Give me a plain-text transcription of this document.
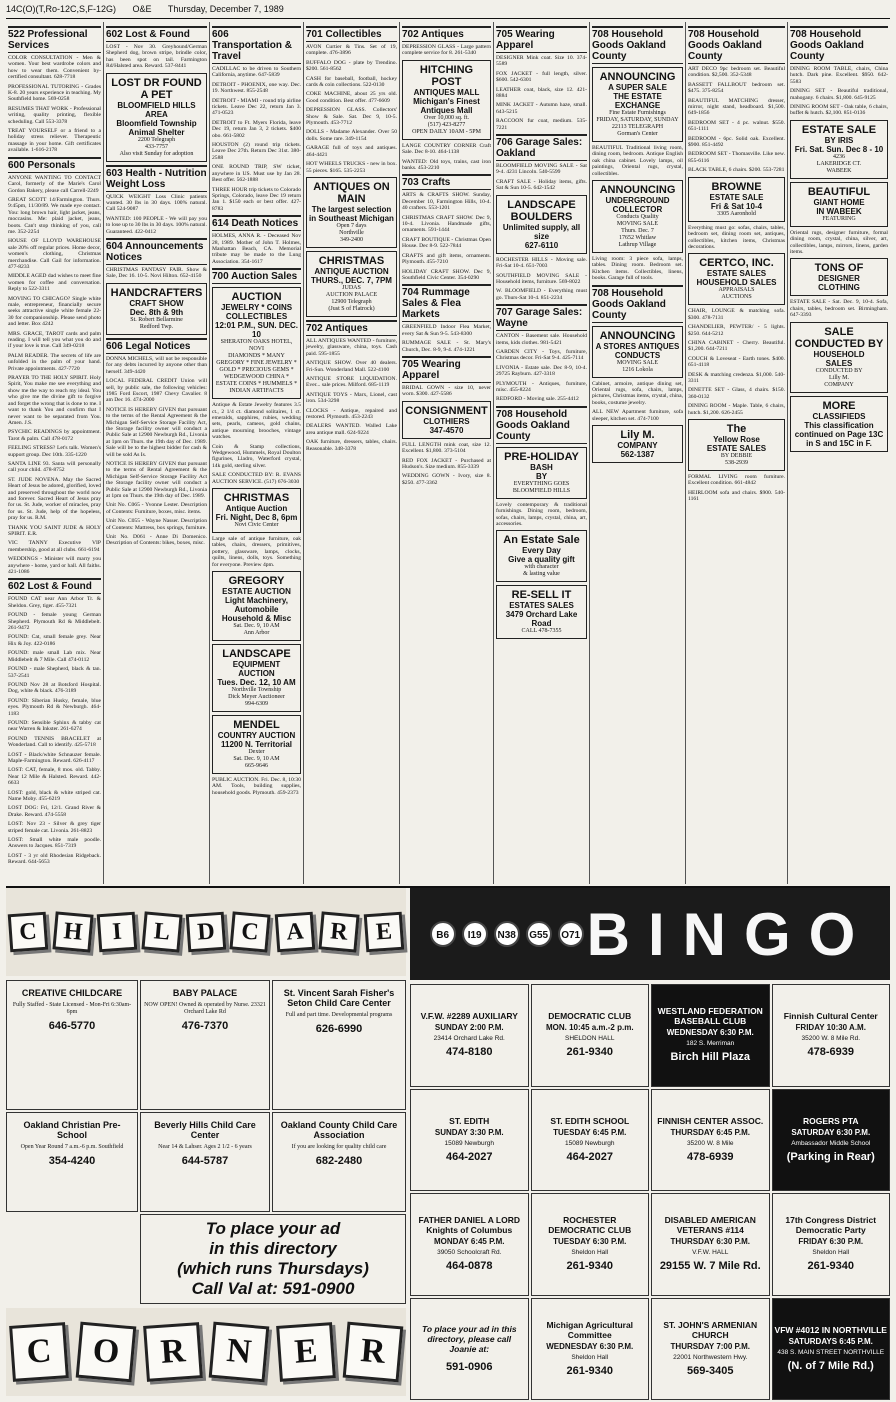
14C(O)(T,Ro-12C,S,F-12G) O&E Thursday, December 7, 1989
522 Professional Services
COLOR CONSULTATION - Men & women. Your best wardrobe colors and how to wear them. Convenient by-certified consultant. 628-7718
PROFESSIONAL TUTORING - Grades K-8. 20 years experience in teaching. My Southfield home. 569-0258
RESUMES THAT WORK - Professional writing, quality printing, flexible scheduling. Call 553-3378
TREAT YOURSELF or a friend to a holiday stress reliever. Therapeutic massage in your home. Gift certificates available. 1-616-2178
600 Personals
ANYONE WANTING TO CONTACT Carol, formerly of the Marie's Carol Gordon Bakery, please call Carrell-2249
GREAT SCOTT 14/Farmington. Thurs. 9:45pm, 11/30/89. We made eye contact. You: long brown hair, light jacket, jeans, moccasins. Me: plaid jacket, jeans, boots. Can't stop thinking of you, call me. 352-2254
HOUSE OF LLOYD WAREHOUSE sale 20% off regular prices. Home decor, women's clothing, Christmas merchandise. Call Gail for information. 477-8233
MIDDLE AGED dad wishes to meet fine women for coffee and conversation. Reply to 522-3311
MOVING TO CHICAGO? Single white male, entrepreneur, financially secure seeks attractive single white female 22-30 for companionship. Please send photo and letter. Box 4242
MRS. GRACE, TAROT cards and palm reading. I will tell you what you do and if your love is true. Call 349-0218
PALM READER. The secrets of life are unfolded in the palm of your hand. Private appointments. 427-7720
PRAYER TO THE HOLY SPIRIT. Holy Spirit, You make me see everything and show me the way to reach my ideal. You who give me the divine gift to forgive and forget the wrong that is done to me. I want to thank You and confirm that I never want to be separated from You. Amen. J.S.
PSYCHIC READINGS by appointment. Tarot & palm. Call 478-0172
FEELING STRESS? Let's talk. Women's support group. Dec 10th. 335-1220
SANTA LINE 93. Santa will personally call your child. 478-8752
ST. JUDE NOVENA. May the Sacred Heart of Jesus be adored, glorified, loved and preserved throughout the world now and forever. Sacred Heart of Jesus pray for us. St. Jude, worker of miracles, pray for us. St. Jude, help of the hopeless, pray for us. R.M.
THANK YOU SAINT JUDE & HOLY SPIRIT. E.R.
VIC TANNY Executive VIP membership, good at all clubs. 661-6194
WEDDINGS - Minister will marry you anywhere - home, yard or hall. All faiths. 421-1086
602 Lost & Found
FOUND CAT near Ann Arbor Tr. & Sheldon. Grey, tiger. 455-7321
FOUND - female young German Shepherd. Plymouth Rd & Middlebelt. 261-9472
FOUND: Cat, small female grey. Near Hix & Joy. 422-0186
FOUND: male small Lab mix. Near Middlebelt & 7 Mile. Call 474-0112
FOUND - male Shepherd, black & tan. 537-2541
FOUND Nov 28 at Botsford Hospital. Dog, white & black. 476-3189
FOUND: Siberian Husky, female, blue eyes. Plymouth Rd & Newburgh. 464-1183
FOUND: Sensible Sphinx & tabby cat near Warren & Inkster. 261-6274
FOUND TENNIS BRACELET at Wonderland. Call to identify. 425-5718
LOST - Black/white Schnauzer female. Maple-Farmington. Reward. 626-4117
LOST: CAT, female, 8 mos. old. Tabby. Near 12 Mile & Halsted. Reward. 442-6633
LOST: gold, black & white striped cat. Name Moby. 455-6219
LOST DOG: Fri, 12/1. Grand River & Drake. Reward. 474-5558
LOST: Nov 23 - Silver & grey tiger striped female cat. Livonia. 261-8823
LOST: Small white male poodle. Answers to Jacques. 851-7319
LOST - 3 yr old Rhodesian Ridgeback. Reward. 644-5653
602 Lost & Found
LOST - Nov 30. Greyhound/German Shepherd dog, brown stripe, brindle color, has been spot on tail. Farmington Rd/Halsted area. Reward. 537-8441
LOST DR FOUND A PET
BLOOMFIELD HILLS AREA
Bloomfield Township Animal Shelter
2200 Telegraph
433-7757
Also visit Sunday for adoption
603 Health - Nutrition Weight Loss
QUICK WEIGHT Loss Clinic patients wanted. 30 lbs in 30 days. 100% natural. Call 524-9087
WANTED: 100 PEOPLE - We will pay you to lose up to 30 lbs in 30 days. 100% natural. Guaranteed. 422-0412
604 Announcements Notices
CHRISTMAS FANTASY FAIR. Show & Sale, Dec 16. 10-5. Novi Hilton. 652-4150
HANDCRAFTERS
CRAFT SHOW
Dec. 8th & 9th
St. Robert Bellarmine
Redford Twp.
606 Legal Notices
DONNA MICHELS, will not be responsible for any debts incurred by anyone other than herself. 349-4420
LOCAL FEDERAL CREDIT Union will sell, by public sale, the following vehicles: 1985 Ford Escort, 1987 Chevy Cavalier. 8 am Dec 16. 474-2000
NOTICE IS HEREBY GIVEN that pursuant to the terms of the Rental Agreement & the Michigan Self-Service Storage Facility Act, the Storage facility owner will conduct a Public Sale at 12900 Newburgh Rd., Livonia at 1pm on Thurs. the 19th day of Dec. 1989. Sale will be to the highest bidder for cash & will be sold As Is.
NOTICE IS HEREBY GIVEN that pursuant to the terms of Rental Agreement & the Michigan Self-Service Storage Facility Act the Storage facility owner will conduct a Public Sale at 12900 Newburgh Rd., Livonia at 1pm on Thurs. the 19th day of Dec. 1989.
Unit No. C065 - Yvonne Lester. Description of Contents: Furniture, boxes, misc. items.
Unit No. C055 - Wayne Nasser. Description of Contents: Mattress, box springs, furniture.
Unit No. D061 - Anne Di Domenico. Description of Contents: bikes, boxes, misc.
606 Transportation & Travel
CADILLAC to be driven to Southern California, anytime. 647-5839
DETROIT - PHOENIX, one way. Dec. 19. Northwest. 855-2548
DETROIT - MIAMI - round trip airline tickets. Leave Dec 22, return Jan 3. 471-0523
DETROIT to Ft. Myers Florida, leave Dec 19, return Jan 3, 2 tickets. $400 obo. 661-5802
HOUSTON (2) round trip tickets. Leave Dec 27th. Return Dec 31st. 380-2588
ONE ROUND TRIP, SW ticket, anywhere in US. Must use by Jan 28. Best offer. 562-1888
THREE HOUR trip tickets to Colorado Springs, Colorado, leave Dec 19 return Jan 1. $150 each or best offer. 427-8783
614 Death Notices
HOLMES, ANNA R. - Deceased Nov 28, 1989. Mother of John T. Holmes, Manhattan Beach, CA. Memorial tribute may be made to the Lung Association. 354-1617
700 Auction Sales
AUCTION
JEWELRY * COINS COLLECTIBLES
12:01 P.M., SUN. DEC. 10
SHERATON OAKS HOTEL, NOVI
DIAMONDS * MANY GREGORY * FINE JEWELRY * GOLD * PRECIOUS GEMS * WEDGEWOOD CHINA * ESTATE COINS * HUMMELS * INDIAN ARTIFACTS
Antique & Estate Jewelry features 3.5 ct., 2 1/4 ct. diamond solitaires, 1 ct. emeralds, sapphires, rubies, wedding sets, pearls, cameos, gold chains, antique mourning brooches, vintage watches.
Coin & Stamp collections, Wedgewood, Hummels, Royal Doulton figurines, Lladro, Waterford crystal, 14k gold, sterling silver.
SALE CONDUCTED BY: R. EVANS AUCTION SERVICE. (517) 676-3030
CHRISTMAS
Antique Auction
Fri. Night, Dec 8, 6pm
Novi Civic Center
Large sale of antique furniture, oak tables, chairs, dressers, primitives, pottery, glassware, lamps, clocks, quilts, linens, dolls, toys. Something for everyone. Preview 4pm.
GREGORY
ESTATE AUCTION
Light Machinery, Automobile Household & Misc
Sat. Dec. 9, 10 AM
Ann Arbor
LANDSCAPE
EQUIPMENT AUCTION
Tues. Dec. 12, 10 AM
Northville Township
Dick Meyer Auctioneer
994-6309
MENDEL
COUNTRY AUCTION
11200 N. Territorial
Dexter
Sat. Dec. 9, 10 AM
665-9646
PUBLIC AUCTION. Fri. Dec. 8, 10:30 AM. Tools, building supplies, household goods. Plymouth. 459-2373
701 Collectibles
AVON Curtier & Tins. Set of 19, complete. 476-3896
BUFFALO DOG - plate by Trendino. $200. 561-8562
CASH for baseball, football, hockey cards & coin collections. 522-0130
COKE MACHINE, about 25 yrs old. Good condition. Best offer. 477-6609
DEPRESSION GLASS. Collectors' Show & Sale. Sat. Dec 9, 10-5. Plymouth. 453-7712
DOLLS - Madame Alexander. Over 50 dolls. Some rare. 349-1154
GARAGE full of toys and antiques. 464-4421
HOT WHEELS TRUCKS - new in box. 55 pieces. $165. 535-2253
ANTIQUES ON MAIN
The largest selection
in Southeast Michigan
Open 7 days
Northville
349-2400
CHRISTMAS
ANTIQUE AUCTION
THURS., DEC. 7, 7PM
JUDAS
AUCTION PALACE
12900 Telegraph
(Just S of Flatrock)
702 Antiques
ALL ANTIQUES WANTED - furniture, jewelry, glassware, china, toys. Cash paid. 595-1855
ANTIQUE SHOW. Over 40 dealers. Fri-Sun. Wonderland Mall. 522-4100
ANTIQUE STORE LIQUIDATION. Ever... sale prices. Milford. 685-1119
ANTIQUE TOYS - Marx, Lionel, cast iron. 534-3298
CLOCKS - Antique, repaired and restored. Plymouth. 453-2243
DEALERS WANTED. Walled Lake area antique mall. 624-9224
OAK furniture, dressers, tables, chairs. Reasonable. 348-3378
702 Antiques
DEPRESSION GLASS - Large pattern complete service for 8. 261-5340
HITCHING POST
ANTIQUES MALL
Michigan's Finest Antiques Mall
Over 10,000 sq. ft.
(517) 423-8277
OPEN DAILY 10AM - 5PM
LANGE COUNTRY CORNER Craft Sale. Dec 8-10. 464-1138
WANTED: Old toys, trains, cast iron banks. 453-2210
703 Crafts
ARTS & CRAFTS SHOW. Sunday, December 10, Farmington Hills, 10-4. 40 crafters. 553-1201
CHRISTMAS CRAFT SHOW. Dec 9, 10-4. Livonia. Handmade gifts, ornaments. 591-1444
CRAFT BOUTIQUE - Christmas Open House. Dec 8-9. 522-7844
CRAFTS and gift items, ornaments. Plymouth. 455-7210
HOLIDAY CRAFT SHOW. Dec 9, Southfield Civic Center. 354-0290
704 Rummage Sales & Flea Markets
GREENFIELD Indoor Flea Market, every Sat & Sun 9-5. 543-8300
RUMMAGE SALE - St. Mary's Church, Dec. 8-9, 9-4. 474-1221
705 Wearing Apparel
BRIDAL GOWN - size 10, never worn. $300. 427-5586
CONSIGNMENT
CLOTHIERS
347-4570
FULL LENGTH mink coat, size 12. Excellent. $1,800. 373-5104
RED FOX JACKET - Purchased at Hudson's. Size medium. 855-3339
WEDDING GOWN - Ivory, size 8. $250. 477-3362
705 Wearing Apparel
DESIGNER Mink coat. Size 10. 374-5589
FOX JACKET - full length, silver. $600. 542-6301
LEATHER coat, black, size 12. 421-8884
MINK JACKET - Autumn haze, small. 643-5215
RACCOON fur coat, medium. 535-7221
706 Garage Sales: Oakland
BLOOMFIELD MOVING SALE - Sat 9-4. 4231 Lincoln. 540-5599
CRAFT SALE - Holiday items, gifts. Sat & Sun 10-5. 642-1542
LANDSCAPE BOULDERS
Unlimited supply, all size
627-6110
ROCHESTER HILLS - Moving sale. Fri-Sat 10-4. 651-7003
SOUTHFIELD MOVING SALE - Household items, furniture. 569-8022
W. BLOOMFIELD - Everything must go. Thurs-Sat 10-4. 851-2234
707 Garage Sales: Wayne
CANTON - Basement sale. Household items, kids clothes. 981-5421
GARDEN CITY - Toys, furniture, Christmas decor. Fri-Sat 9-4. 425-7114
LIVONIA - Estate sale. Dec 8-9, 10-4. 29725 Rayburn. 427-3318
PLYMOUTH - Antiques, furniture, misc. 455-8224
REDFORD - Moving sale. 255-4412
708 Household Goods Oakland County
PRE-HOLIDAY
BASH
BY
EVERYTHING GOES
BLOOMFIELD HILLS
Lovely contemporary & traditional furnishings. Dining room, bedroom, sofas, chairs, lamps, crystal, china, art, accessories.
An Estate Sale
Every Day
Give a quality gift
with character
& lasting value
RE-SELL IT
ESTATES SALES
3479 Orchard Lake Road
CALL 478-7355
708 Household Goods Oakland County
ANNOUNCING
A SUPER SALE
THE ESTATE EXCHANGE
Fine Estate Furnishings
FRIDAY, SATURDAY, SUNDAY
22113 TELEGRAPH
Gorman's Center
BEAUTIFUL Traditional living room, dining room, bedroom. Antique English oak china cabinet. Lovely lamps, oil paintings, Oriental rugs, crystal, collectibles.
ANNOUNCING
UNDERGROUND
COLLECTOR
Conducts Quality
MOVING SALE
Thurs. Dec. 7
17652 Whitlaw
Lathrup Village
Living room: 3 piece sofa, lamps, tables. Dining room. Bedroom set. Kitchen items. Collectibles, linens, books. Garage full of tools.
708 Household Goods Oakland County
ANNOUNCING
A STORES ANTIQUES
CONDUCTS
MOVING SALE
1216 Lokola
Cabinet, armoire, antique dining set, Oriental rugs, sofa, chairs, lamps, pictures, Christmas items, crystal, china, books, costume jewelry.
ALL NEW Apartment furniture, sofa sleeper, kitchen set. 474-7100
Lily M.
COMPANY
562-1387
708 Household Goods Oakland County
ART DECO 9pc bedroom set. Beautiful condition. $2,500. 352-5348
BASSETT FALLBOUT bedroom set. $475. 375-8254
BEAUTIFUL MATCHING dresser, mirror, night stand, headboard. $1,500. 649-1856
BEDROOM SET - 4 pc. walnut. $550. 651-1111
BEDROOM - 6pc. Solid oak. Excellent. $900. 851-4492
BEDROOM SET - Thomasville. Like new. 855-6116
BLACK TABLE, 6 chairs. $200. 553-7281
BROWNE
ESTATE SALE
Fri & Sat 10-4
3305 Aaronhold
Everything must go: sofas, chairs, tables, bedroom set, dining room set, antiques, collectibles, kitchen items, Christmas decorations.
CERTCO, INC.
ESTATE SALES
HOUSEHOLD SALES
APPRAISALS
AUCTIONS
CHAIR, LOUNGE & matching sofa. $300. 478-7131
CHANDELIER, PEWTER/ - 5 lights. $250. 644-5212
CHINA CABINET - Cherry. Beautiful. $1,200. 644-7211
COUCH & Loveseat - Earth tones. $400. 651-4118
DESK & matching credenza. $1,000. 540-3311
DINETTE SET - Glass, 4 chairs. $150. 360-0132
DINING ROOM - Maple. Table, 6 chairs, hutch. $1,200. 626-2455
The
Yellow Rose
ESTATE SALES
BY DEBBIE
538-2939
FORMAL LIVING room furniture. Excellent condition. 661-4842
HEIRLOOM sofa and chairs. $900. 540-1161
708 Household Goods Oakland County
DINING ROOM TABLE, chairs, China hutch. Dark pine. Excellent. $950. 642-5583
DINING SET - Beautiful traditional, mahogany. 6 chairs. $1,800. 645-9125
DINING ROOM SET - Oak table, 6 chairs, buffet & hutch. $2,100. 851-0136
ESTATE SALE
BY IRIS
Fri. Sat. Sun. Dec 8 - 10
4236
LAKERIDGE CT.
WABEEK
BEAUTIFUL
GIANT HOME
IN WABEEK
FEATURING
Oriental rugs, designer furniture, formal dining room, crystal, china, silver, art, collectibles, lamps, mirrors, linens, garden items.
TONS OF
DESIGNER
CLOTHING
ESTATE SALE - Sat. Dec. 9, 10-4. Sofa, chairs, tables, bedroom set. Birmingham. 647-3393
SALE CONDUCTED BY
HOUSEHOLD
SALES
CONDUCTED BY
Lilly M.
COMPANY
MORE
CLASSIFIEDS
This classification continued on Page 13C in S and 15C in F.
C	H	I	L	D	C	A	R	E
CREATIVE CHILDCARE
Fully Staffed - State Licensed - Mon-Fri 6:30am-6pm
646-5770
BABY PALACE
NOW OPEN! Owned & operated by Nurse. 23321 Orchard Lake Rd
476-7370
St. Vincent Sarah Fisher's Seton Child Care Center
Full and part time. Developmental programs
626-6990
Oakland Christian Pre-School
Open Year Round 7 a.m.-6 p.m. Southfield
354-4240
Beverly Hills Child Care Center
Near 14 & Lahser. Ages 2 1/2 - 6 years
644-5787
Oakland County Child Care Association
If you are looking for quality child care
682-2480
To place your ad
in this directory
(which runs Thursdays)
Call Val at: 591-0900
C	O	R	N	E	R
B6 I19 N38 G55 O71 BINGO
V.F.W. #2289 AUXILIARY
SUNDAY 2:00 P.M.
23414 Orchard Lake Rd.
474-8180
DEMOCRATIC CLUB
MON. 10:45 a.m.-2 p.m.
SHELDON HALL
261-9340
WESTLAND FEDERATION BASEBALL CLUB
WEDNESDAY 6:30 P.M.
182 S. Merriman
Birch Hill Plaza
Finnish Cultural Center
FRIDAY 10:30 A.M.
35200 W. 8 Mile Rd.
478-6939
ST. EDITH
SUNDAY 3:30 P.M.
15089 Newburgh
464-2027
ST. EDITH SCHOOL
TUESDAY 6:45 P.M.
15089 Newburgh
464-2027
FINNISH CENTER ASSOC.
THURSDAY 6:45 P.M.
35200 W. 8 Mile
478-6939
ROGERS PTA
SATURDAY 6:30 P.M.
Ambassador Middle School
(Parking in Rear)
FATHER DANIEL A LORD Knights of Columbus
MONDAY 6:45 P.M.
39050 Schoolcraft Rd.
464-0878
ROCHESTER DEMOCRATIC CLUB
TUESDAY 6:30 P.M.
Sheldon Hall
261-9340
DISABLED AMERICAN VETERANS #114
THURSDAY 6:30 P.M.
V.F.W. HALL
29155 W. 7 Mile Rd.
17th Congress District Democratic Party
FRIDAY 6:30 P.M.
Sheldon Hall
261-9340
To place your ad in this directory, please call Joanie at:
591-0906
Michigan Agricultural Committee
WEDNESDAY 6:30 P.M.
Sheldon Hall
261-9340
ST. JOHN'S ARMENIAN CHURCH
THURSDAY 7:00 P.M.
22001 Northwestern Hwy.
569-3405
VFW #4012 IN NORTHVILLE
SATURDAYS 6:45 P.M.
438 S. MAIN STREET NORTHVILLE
(N. of 7 Mile Rd.)
